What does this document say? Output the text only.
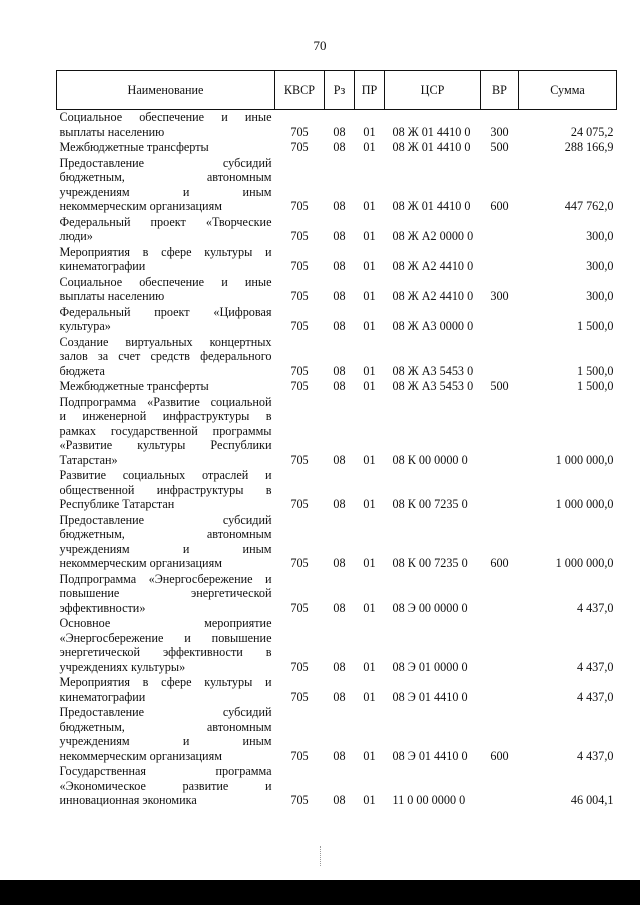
70
Наименование	КВСР	Рз	ПР	ЦСР	ВР	Сумма

Социальное обеспечение и иные
выплаты населению	705	08	01	08 Ж 01 4410 0	300	24 075,2

Межбюджетные трансферты	705	08	01	08 Ж 01 4410 0	500	288 166,9

Предоставление субсидий
бюджетным, автономным
учреждениям и иным
некоммерческим организациям	705	08	01	08 Ж 01 4410 0	600	447 762,0

Федеральный проект «Творческие
люди»	705	08	01	08 Ж А2 0000 0		300,0

Мероприятия в сфере культуры и
кинематографии	705	08	01	08 Ж А2 4410 0		300,0

Социальное обеспечение и иные
выплаты населению	705	08	01	08 Ж А2 4410 0	300	300,0

Федеральный проект «Цифровая
культура»	705	08	01	08 Ж А3 0000 0		1 500,0

Создание виртуальных концертных
залов за счет средств федерального
бюджета	705	08	01	08 Ж А3 5453 0		1 500,0

Межбюджетные трансферты	705	08	01	08 Ж А3 5453 0	500	1 500,0

Подпрограмма «Развитие социальной
и инженерной инфраструктуры в
рамках государственной программы
«Развитие культуры Республики
Татарстан»	705	08	01	08 К 00 0000 0		1 000 000,0

Развитие социальных отраслей и
общественной инфраструктуры в
Республике Татарстан	705	08	01	08 К 00 7235 0		1 000 000,0

Предоставление субсидий
бюджетным, автономным
учреждениям и иным
некоммерческим организациям	705	08	01	08 К 00 7235 0	600	1 000 000,0

Подпрограмма «Энергосбережение и
повышение энергетической
эффективности»	705	08	01	08 Э 00 0000 0		4 437,0

Основное мероприятие
«Энергосбережение и повышение
энергетической эффективности в
учреждениях культуры»	705	08	01	08 Э 01 0000 0		4 437,0

Мероприятия в сфере культуры и
кинематографии	705	08	01	08 Э 01 4410 0		4 437,0

Предоставление субсидий
бюджетным, автономным
учреждениям и иным
некоммерческим организациям	705	08	01	08 Э 01 4410 0	600	4 437,0

Государственная программа
«Экономическое развитие и
инновационная экономика	705	08	01	11 0 00 0000 0		46 004,1
